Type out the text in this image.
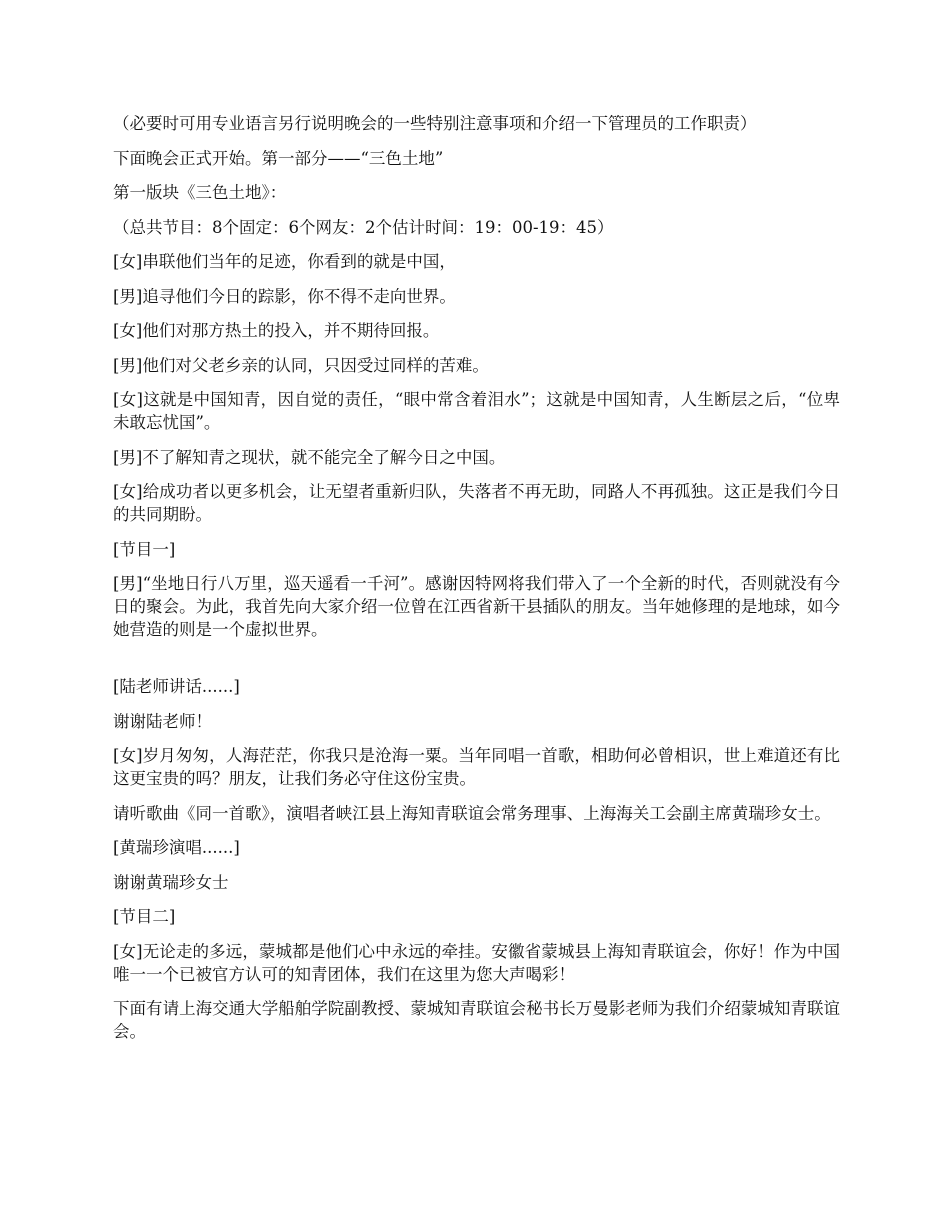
（必要时可用专业语言另行说明晚会的一些特别注意事项和介绍一下管理员的工作职责）

下面晚会正式开始。第一部分——“三色土地”

第一版块《三色土地》：

（总共节目：8个固定：6个网友：2个估计时间：19：00-19：45）

[女]串联他们当年的足迹，你看到的就是中国，

[男]追寻他们今日的踪影，你不得不走向世界。

[女]他们对那方热土的投入，并不期待回报。

[男]他们对父老乡亲的认同，只因受过同样的苦难。

[女]这就是中国知青，因自觉的责任，“眼中常含着泪水”；这就是中国知青，人生断层之后，“位卑未敢忘忧国”。

[男]不了解知青之现状，就不能完全了解今日之中国。

[女]给成功者以更多机会，让无望者重新归队，失落者不再无助，同路人不再孤独。这正是我们今日的共同期盼。

[节目一]

[男]“坐地日行八万里，巡天遥看一千河”。感谢因特网将我们带入了一个全新的时代，否则就没有今日的聚会。为此，我首先向大家介绍一位曾在江西省新干县插队的朋友。当年她修理的是地球，如今她营造的则是一个虚拟世界。

[陆老师讲话......]

谢谢陆老师！

[女]岁月匆匆，人海茫茫，你我只是沧海一粟。当年同唱一首歌，相助何必曾相识，世上难道还有比这更宝贵的吗？朋友，让我们务必守住这份宝贵。

请听歌曲《同一首歌》，演唱者峡江县上海知青联谊会常务理事、上海海关工会副主席黄瑞珍女士。

[黄瑞珍演唱......]

谢谢黄瑞珍女士

[节目二]

[女]无论走的多远，蒙城都是他们心中永远的牵挂。安徽省蒙城县上海知青联谊会，你好！作为中国唯一一个已被官方认可的知青团体，我们在这里为您大声喝彩！

下面有请上海交通大学船舶学院副教授、蒙城知青联谊会秘书长万曼影老师为我们介绍蒙城知青联谊会。
